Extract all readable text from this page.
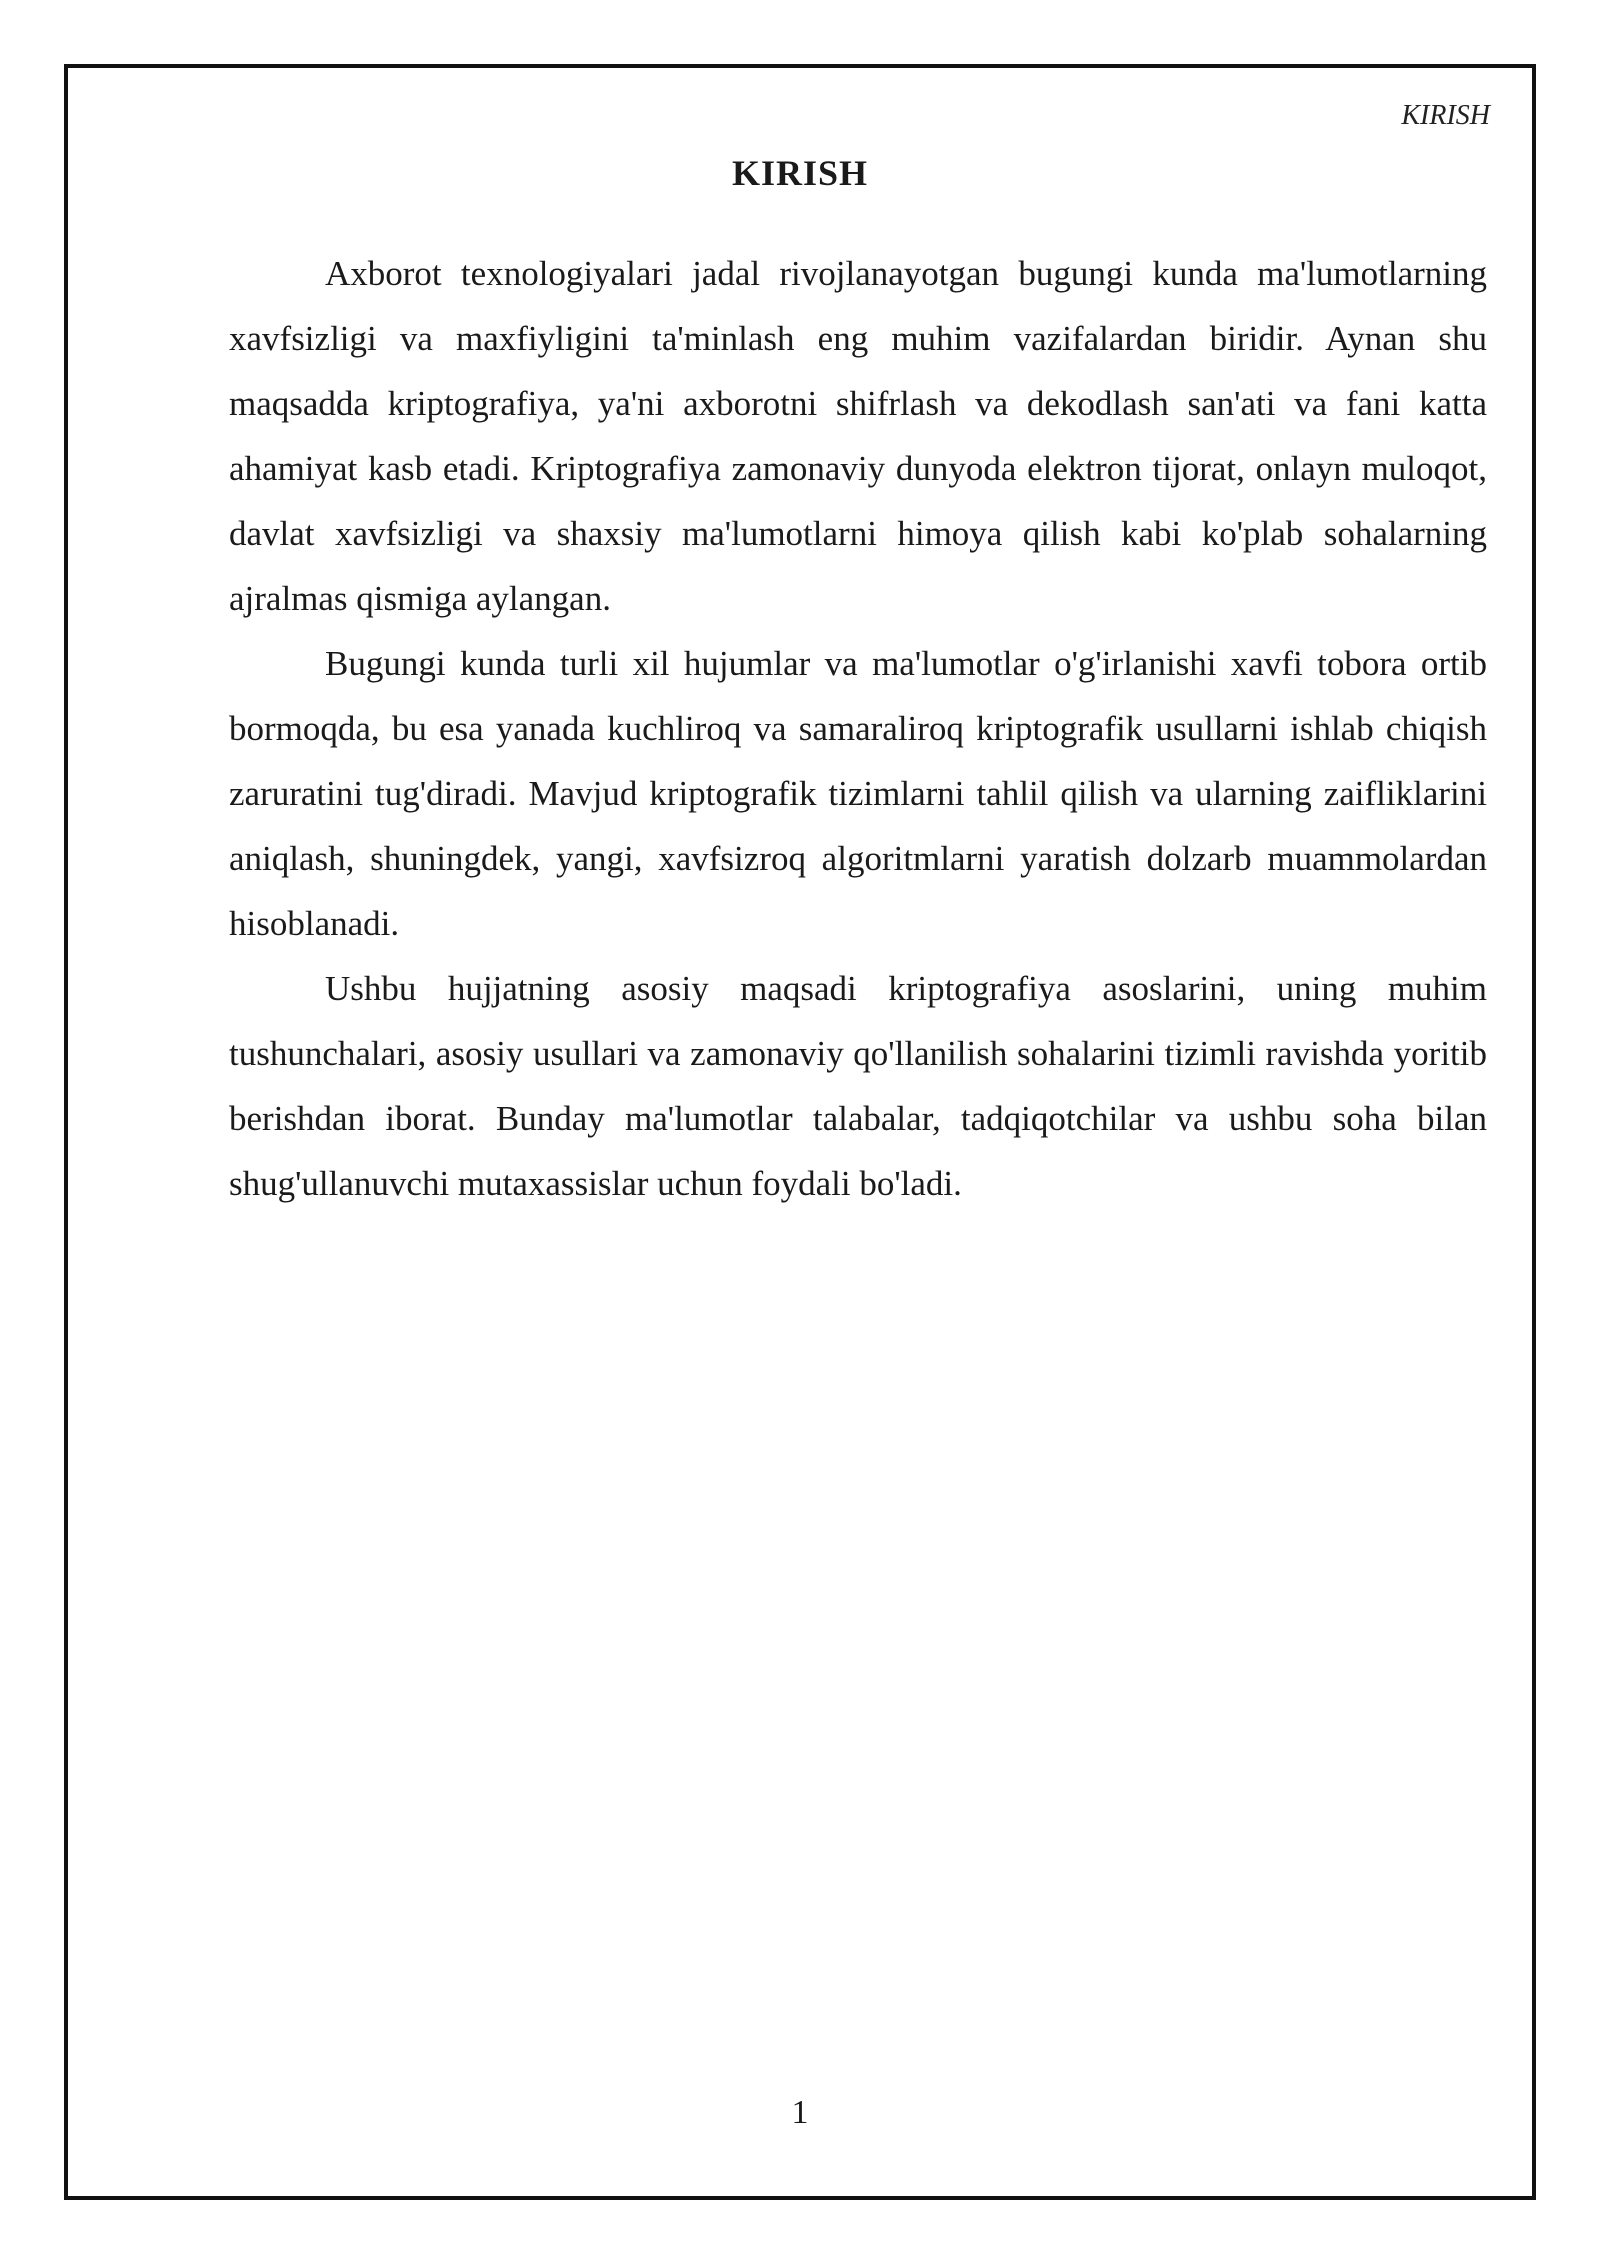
KIRISH
KIRISH

Axborot texnologiyalari jadal rivojlanayotgan bugungi kunda ma'lumotlarning xavfsizligi va maxfiyligini ta'minlash eng muhim vazifalardan biridir. Aynan shu maqsadda kriptografiya, ya'ni axborotni shifrlash va dekodlash san'ati va fani katta ahamiyat kasb etadi. Kriptografiya zamonaviy dunyoda elektron tijorat, onlayn muloqot, davlat xavfsizligi va shaxsiy ma'lumotlarni himoya qilish kabi ko'plab sohalarning ajralmas qismiga aylangan.

Bugungi kunda turli xil hujumlar va ma'lumotlar o'g'irlanishi xavfi tobora ortib bormoqda, bu esa yanada kuchliroq va samaraliroq kriptografik usullarni ishlab chiqish zaruratini tug'diradi. Mavjud kriptografik tizimlarni tahlil qilish va ularning zaifliklarini aniqlash, shuningdek, yangi, xavfsizroq algoritmlarni yaratish dolzarb muammolardan hisoblanadi.

Ushbu hujjatning asosiy maqsadi kriptografiya asoslarini, uning muhim tushunchalari, asosiy usullari va zamonaviy qo'llanilish sohalarini tizimli ravishda yoritib berishdan iborat. Bunday ma'lumotlar talabalar, tadqiqotchilar va ushbu soha bilan shug'ullanuvchi mutaxassislar uchun foydali bo'ladi.

1
